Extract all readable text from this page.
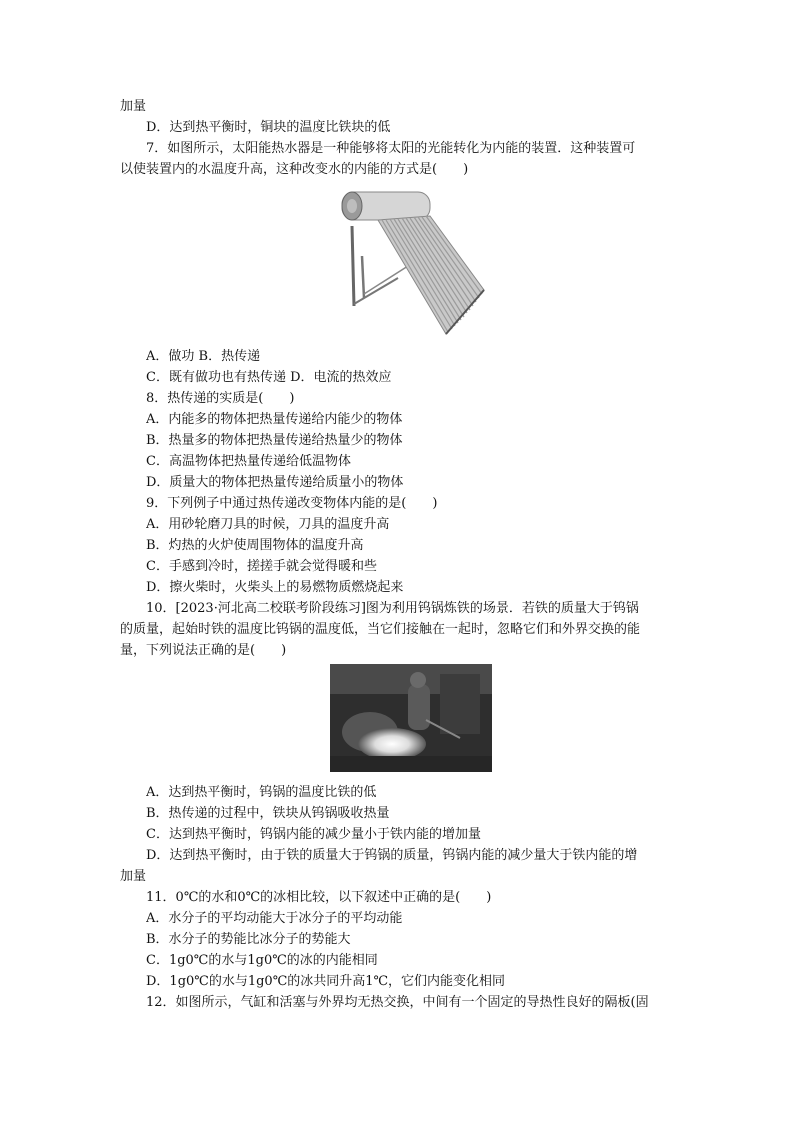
加量
D．达到热平衡时，铜块的温度比铁块的低
7．如图所示，太阳能热水器是一种能够将太阳的光能转化为内能的装置．这种装置可
以使装置内的水温度升高，这种改变水的内能的方式是(　　)
A．做功 B．热传递
C．既有做功也有热传递 D．电流的热效应
8．热传递的实质是(　　)
A．内能多的物体把热量传递给内能少的物体
B．热量多的物体把热量传递给热量少的物体
C．高温物体把热量传递给低温物体
D．质量大的物体把热量传递给质量小的物体
9．下列例子中通过热传递改变物体内能的是(　　)
A．用砂轮磨刀具的时候，刀具的温度升高
B．灼热的火炉使周围物体的温度升高
C．手感到冷时，搓搓手就会觉得暖和些
D．擦火柴时，火柴头上的易燃物质燃烧起来
10．[2023·河北高二校联考阶段练习]图为利用钨锅炼铁的场景．若铁的质量大于钨锅
的质量，起始时铁的温度比钨锅的温度低，当它们接触在一起时，忽略它们和外界交换的能
量，下列说法正确的是(　　)
A．达到热平衡时，钨锅的温度比铁的低
B．热传递的过程中，铁块从钨锅吸收热量
C．达到热平衡时，钨锅内能的减少量小于铁内能的增加量
D．达到热平衡时，由于铁的质量大于钨锅的质量，钨锅内能的减少量大于铁内能的增
加量
11．0℃的水和0℃的冰相比较，以下叙述中正确的是(　　)
A．水分子的平均动能大于冰分子的平均动能
B．水分子的势能比冰分子的势能大
C．1g0℃的水与1g0℃的冰的内能相同
D．1g0℃的水与1g0℃的冰共同升高1℃，它们内能变化相同
12．如图所示，气缸和活塞与外界均无热交换，中间有一个固定的导热性良好的隔板(固
